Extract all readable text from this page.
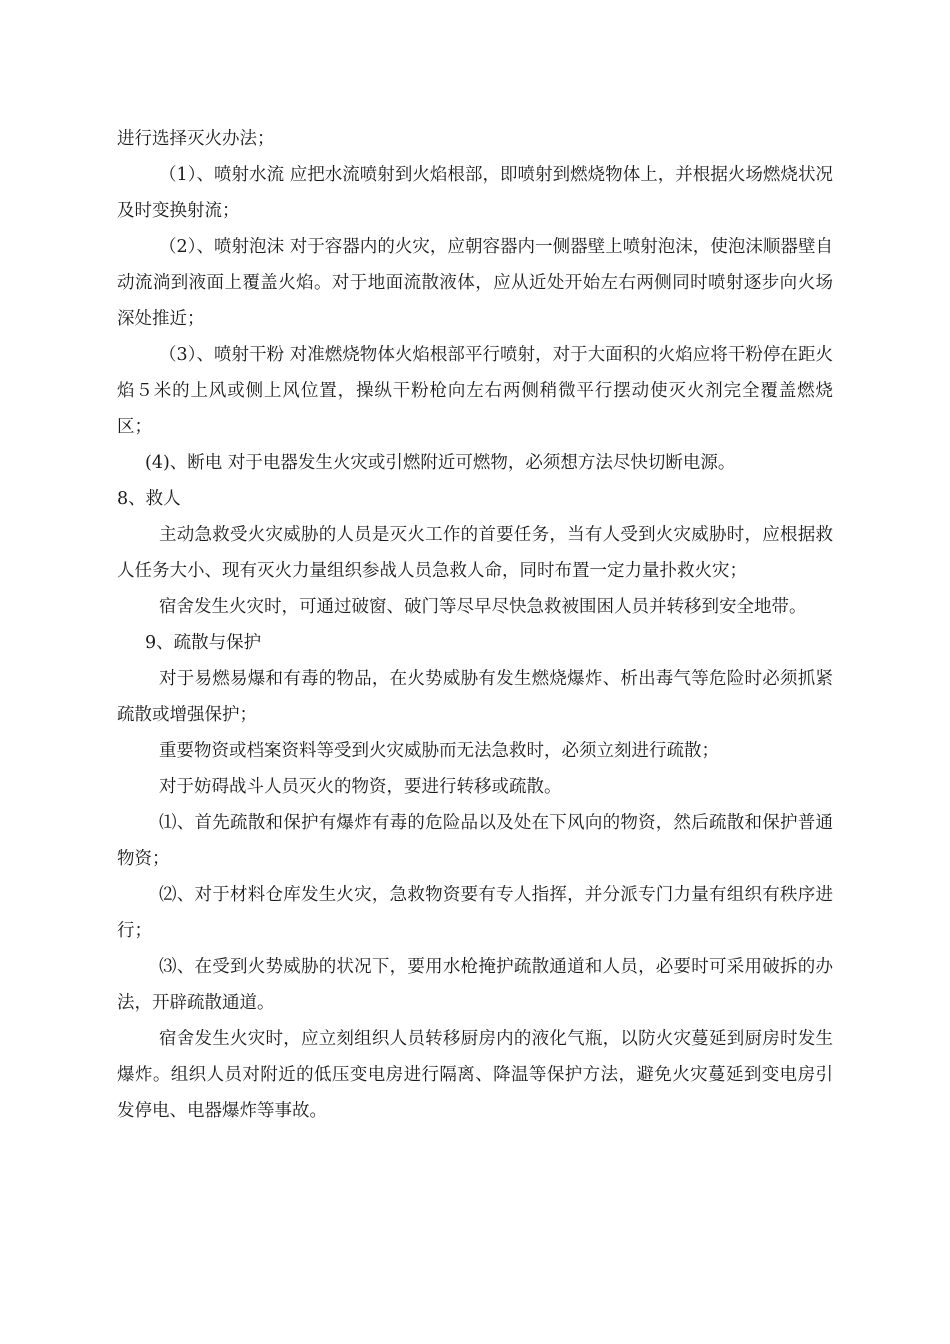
进行选择灭火办法；

（1）、喷射水流 应把水流喷射到火焰根部，即喷射到燃烧物体上，并根据火场燃烧状况及时变换射流；

（2）、喷射泡沫 对于容器内的火灾，应朝容器内一侧器壁上喷射泡沫，使泡沫顺器壁自动流淌到液面上覆盖火焰。对于地面流散液体，应从近处开始左右两侧同时喷射逐步向火场深处推近；

（3）、喷射干粉 对准燃烧物体火焰根部平行喷射，对于大面积的火焰应将干粉停在距火焰５米的上风或侧上风位置，操纵干粉枪向左右两侧稍微平行摆动使灭火剂完全覆盖燃烧区；

(4)、断电 对于电器发生火灾或引燃附近可燃物，必须想方法尽快切断电源。

8、救人

主动急救受火灾威胁的人员是灭火工作的首要任务，当有人受到火灾威胁时，应根据救人任务大小、现有灭火力量组织参战人员急救人命，同时布置一定力量扑救火灾；

宿舍发生火灾时，可通过破窗、破门等尽早尽快急救被围困人员并转移到安全地带。

9、疏散与保护

对于易燃易爆和有毒的物品，在火势威胁有发生燃烧爆炸、析出毒气等危险时必须抓紧疏散或增强保护；

重要物资或档案资料等受到火灾威胁而无法急救时，必须立刻进行疏散；

对于妨碍战斗人员灭火的物资，要进行转移或疏散。

⑴、首先疏散和保护有爆炸有毒的危险品以及处在下风向的物资，然后疏散和保护普通物资；

⑵、对于材料仓库发生火灾，急救物资要有专人指挥，并分派专门力量有组织有秩序进行；

⑶、在受到火势威胁的状况下，要用水枪掩护疏散通道和人员，必要时可采用破拆的办法，开辟疏散通道。

宿舍发生火灾时，应立刻组织人员转移厨房内的液化气瓶，以防火灾蔓延到厨房时发生爆炸。组织人员对附近的低压变电房进行隔离、降温等保护方法，避免火灾蔓延到变电房引发停电、电器爆炸等事故。
